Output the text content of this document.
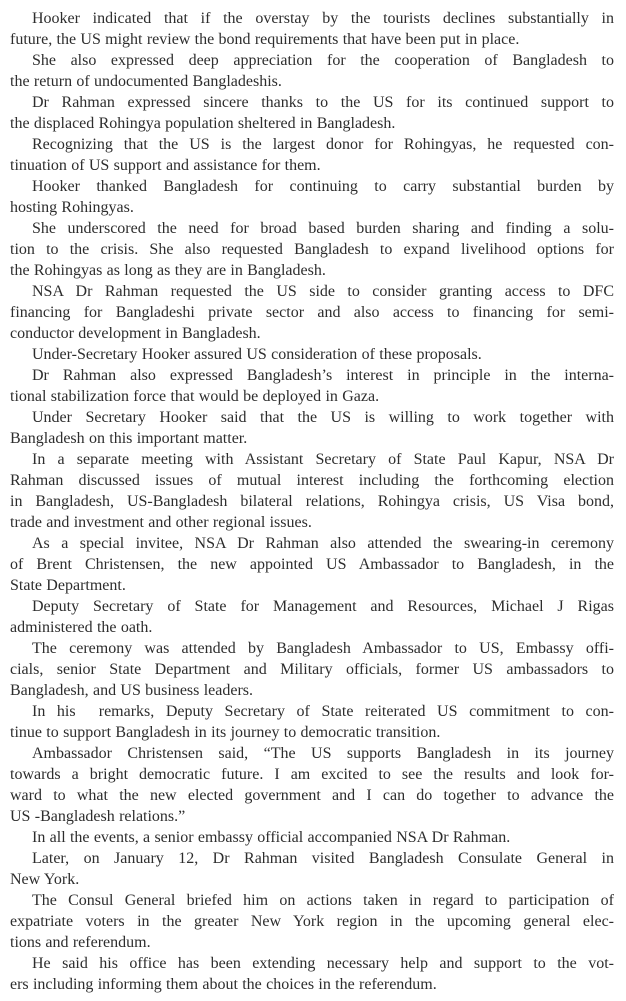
Hooker indicated that if the overstay by the tourists declines substantially in
future, the US might review the bond requirements that have been put in place.

She also expressed deep appreciation for the cooperation of Bangladesh to
the return of undocumented Bangladeshis.

Dr Rahman expressed sincere thanks to the US for its continued support to
the displaced Rohingya population sheltered in Bangladesh.

Recognizing that the US is the largest donor for Rohingyas, he requested con-
tinuation of US support and assistance for them.

Hooker thanked Bangladesh for continuing to carry substantial burden by
hosting Rohingyas.

She underscored the need for broad based burden sharing and finding a solu-
tion to the crisis. She also requested Bangladesh to expand livelihood options for
the Rohingyas as long as they are in Bangladesh.

NSA Dr Rahman requested the US side to consider granting access to DFC
financing for Bangladeshi private sector and also access to financing for semi-
conductor development in Bangladesh.

Under-Secretary Hooker assured US consideration of these proposals.

Dr Rahman also expressed Bangladesh’s interest in principle in the interna-
tional stabilization force that would be deployed in Gaza.

Under Secretary Hooker said that the US is willing to work together with
Bangladesh on this important matter.

In a separate meeting with Assistant Secretary of State Paul Kapur, NSA Dr
Rahman discussed issues of mutual interest including the forthcoming election
in Bangladesh, US-Bangladesh bilateral relations, Rohingya crisis, US Visa bond,
trade and investment and other regional issues.

As a special invitee, NSA Dr Rahman also attended the swearing-in ceremony
of Brent Christensen, the new appointed US Ambassador to Bangladesh, in the
State Department.

Deputy Secretary of State for Management and Resources, Michael J Rigas
administered the oath.

The ceremony was attended by Bangladesh Ambassador to US, Embassy offi-
cials, senior State Department and Military officials, former US ambassadors to
Bangladesh, and US business leaders.

In his  remarks, Deputy Secretary of State reiterated US commitment to con-
tinue to support Bangladesh in its journey to democratic transition.

Ambassador Christensen said, “The US supports Bangladesh in its journey
towards a bright democratic future. I am excited to see the results and look for-
ward to what the new elected government and I can do together to advance the
US -Bangladesh relations.”

In all the events, a senior embassy official accompanied NSA Dr Rahman.

Later, on January 12, Dr Rahman visited Bangladesh Consulate General in
New York.

The Consul General briefed him on actions taken in regard to participation of
expatriate voters in the greater New York region in the upcoming general elec-
tions and referendum.

He said his office has been extending necessary help and support to the vot-
ers including informing them about the choices in the referendum.
